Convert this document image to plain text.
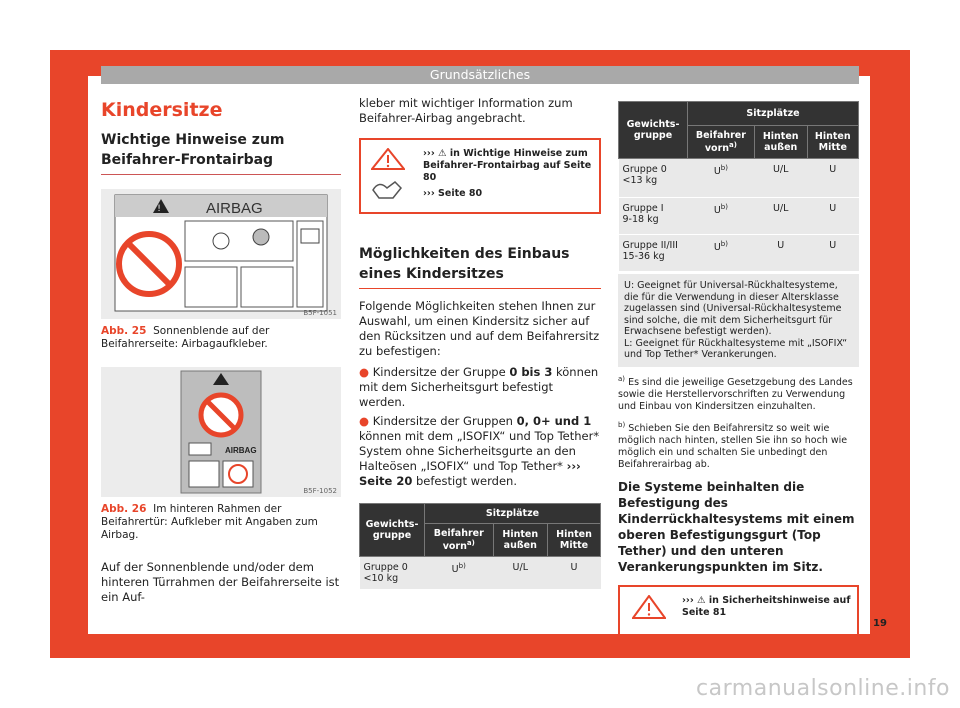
Grundsätzliches
Kindersitze
Wichtige Hinweise zum Beifahrer-Frontairbag
!	AIRBAG
B5F-1051
Abb. 25 Sonnenblende auf der Beifahrerseite: Airbagaufkleber.
AIRBAG
B5F-1052
Abb. 26 Im hinteren Rahmen der Beifahrertür: Aufkleber mit Angaben zum Airbag.

Auf der Sonnenblende und/oder dem hinteren Türrahmen der Beifahrerseite ist ein Auf-

kleber mit wichtiger Information zum Beifahrer-Airbag angebracht.

››› ⚠ in Wichtige Hinweise zum Beifahrer-Frontairbag auf Seite 80
››› Seite 80
Möglichkeiten des Einbaus eines Kindersitzes

Folgende Möglichkeiten stehen Ihnen zur Auswahl, um einen Kindersitz sicher auf den Rücksitzen und auf dem Beifahrersitz zu befestigen:

● Kindersitze der Gruppe 0 bis 3 können mit dem Sicherheitsgurt befestigt werden.

● Kindersitze der Gruppen 0, 0+ und 1 können mit dem „ISOFIX“ und Top Tether* System ohne Sicherheitsgurte an den Halteösen „ISOFIX“ und Top Tether* ››› Seite 20 befestigt werden.

Gewichtsgruppe	Sitzplätze		
	Beifahrer vorn$^{a)}$	Hinten außen	Hinten Mitte
Gruppe 0
<10 kg	$U^{b)}$	U/L	U
Gewichtsgruppe	Sitzplätze		
	Beifahrer vorn$^{a)}$	Hinten außen	Hinten Mitte
Gruppe 0
<13 kg	$U^{b)}$	U/L	U
Gruppe I
9-18 kg	$U^{b)}$	U/L	U
Gruppe II/III
15-36 kg	$U^{b)}$	U	U
U: Geeignet für Universal-Rückhaltesysteme, die für die Verwendung in dieser Altersklasse zugelassen sind (Universal-Rückhaltesysteme sind solche, die mit dem Sicherheitsgurt für Erwachsene befestigt werden).
L: Geeignet für Rückhaltesysteme mit „ISOFIX“ und Top Tether* Verankerungen.
$^{a)}$ Es sind die jeweilige Gesetzgebung des Landes sowie die Herstellervorschriften zu Verwendung und Einbau von Kindersitzen einzuhalten.
$^{b)}$ Schieben Sie den Beifahrersitz so weit wie möglich nach hinten, stellen Sie ihn so hoch wie möglich ein und schalten Sie unbedingt den Beifahrerairbag ab.
Die Systeme beinhalten die Befestigung des Kinderrückhaltesystems mit einem oberen Befestigungsgurt (Top Tether) und den unteren Verankerungspunkten im Sitz.
››› ⚠ in Sicherheitshinweise auf Seite 81
19
carmanualsonline.info
